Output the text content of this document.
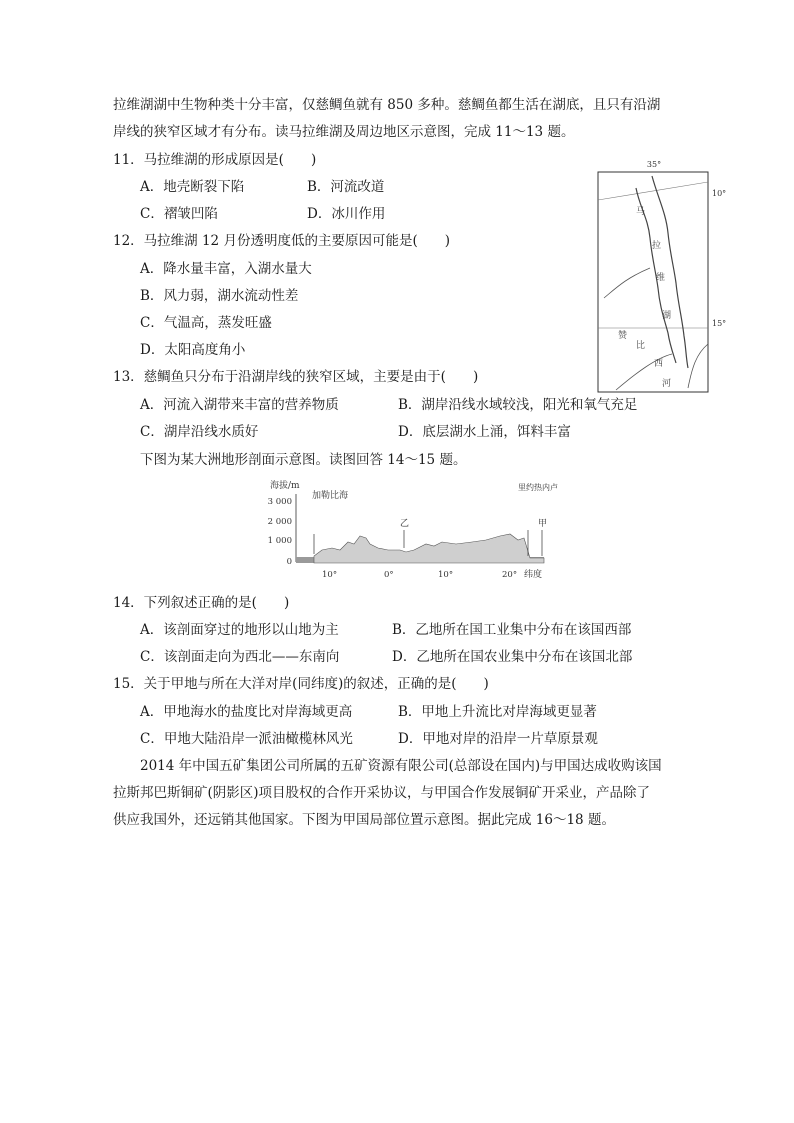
拉维湖湖中生物种类十分丰富，仅慈鲷鱼就有 850 多种。慈鲷鱼都生活在湖底，且只有沿湖
岸线的狭窄区域才有分布。读马拉维湖及周边地区示意图，完成 11～13 题。
11．马拉维湖的形成原因是(　　)
A．地壳断裂下陷	B．河流改道
C．褶皱凹陷	D．冰川作用
12．马拉维湖 12 月份透明度低的主要原因可能是(　　)
A．降水量丰富，入湖水量大
B．风力弱，湖水流动性差
C．气温高，蒸发旺盛
D．太阳高度角小
13．慈鲷鱼只分布于沿湖岸线的狭窄区域，主要是由于(　　)
A．河流入湖带来丰富的营养物质	B．湖岸沿线水域较浅，阳光和氧气充足
C．湖岸沿线水质好	D．底层湖水上涌，饵料丰富
下图为某大洲地形剖面示意图。读图回答 14～15 题。
35°
10°
15°
马
拉
维
湖
赞
比
西
河
海拔/m
3 000
2 000
1 000
0
加勒比海
乙
里约热内卢
甲
10°	0°	10°	20° 纬度
14．下列叙述正确的是(　　)
A．该剖面穿过的地形以山地为主	B．乙地所在国工业集中分布在该国西部
C．该剖面走向为西北——东南向	D．乙地所在国农业集中分布在该国北部
15．关于甲地与所在大洋对岸(同纬度)的叙述，正确的是(　　)
A．甲地海水的盐度比对岸海域更高	B．甲地上升流比对岸海域更显著
C．甲地大陆沿岸一派油橄榄林风光	D．甲地对岸的沿岸一片草原景观
2014 年中国五矿集团公司所属的五矿资源有限公司(总部设在国内)与甲国达成收购该国
拉斯邦巴斯铜矿(阴影区)项目股权的合作开采协议，与甲国合作发展铜矿开采业，产品除了
供应我国外，还远销其他国家。下图为甲国局部位置示意图。据此完成 16～18 题。
